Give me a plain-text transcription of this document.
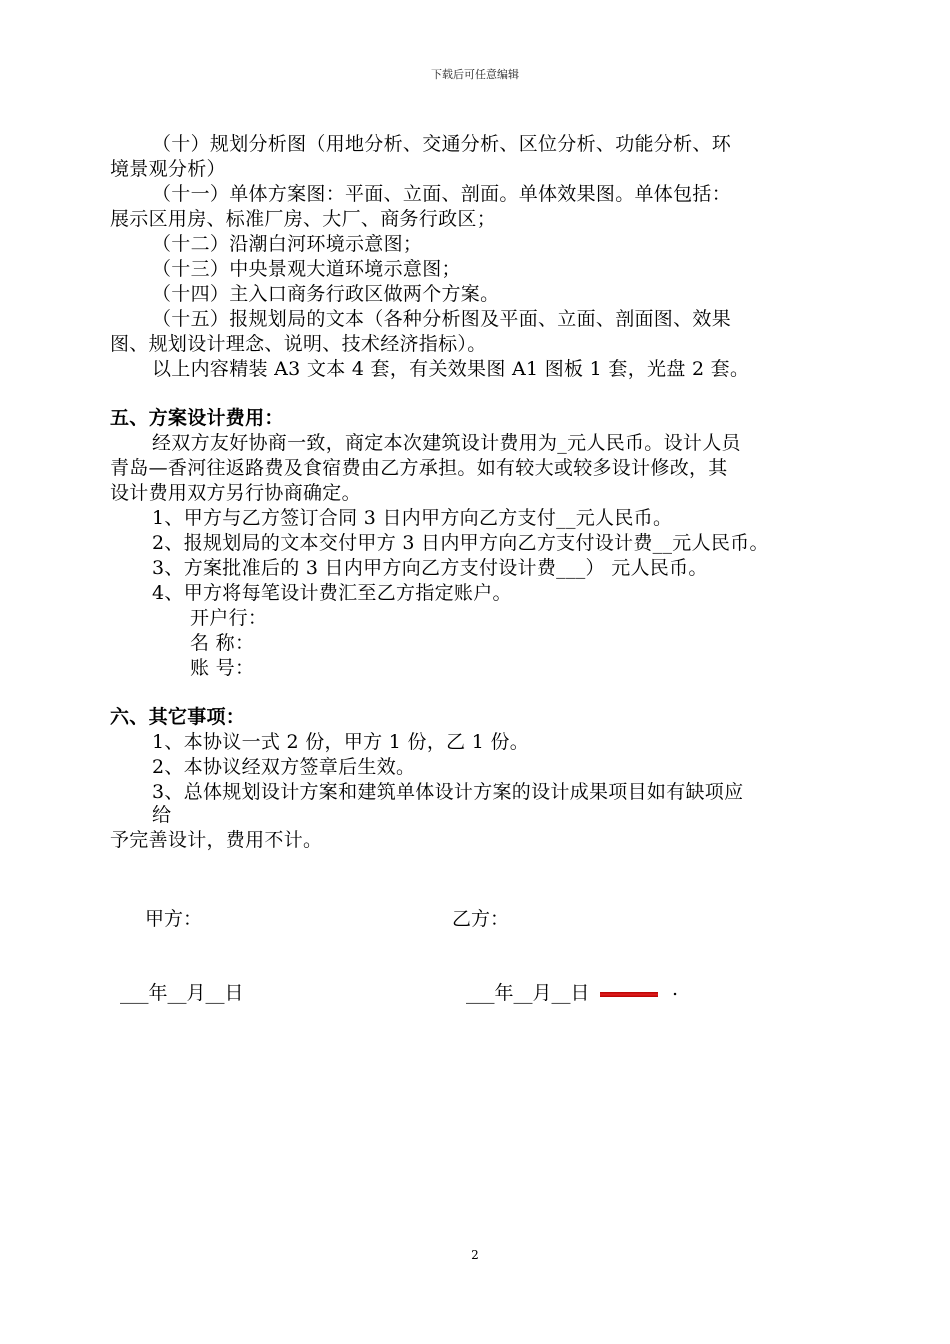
下载后可任意编辑
（十）规划分析图（用地分析、交通分析、区位分析、功能分析、环
境景观分析）
（十一）单体方案图：平面、立面、剖面。单体效果图。单体包括：
展示区用房、标准厂房、大厂、商务行政区；
（十二）沿潮白河环境示意图；
（十三）中央景观大道环境示意图；
（十四）主入口商务行政区做两个方案。
（十五）报规划局的文本（各种分析图及平面、立面、剖面图、效果
图、规划设计理念、说明、技术经济指标）。
以上内容精装 A3 文本 4 套，有关效果图 A1 图板 1 套，光盘 2 套。
五、方案设计费用：
经双方友好协商一致，商定本次建筑设计费用为_元人民币。设计人员
青岛—香河往返路费及食宿费由乙方承担。如有较大或较多设计修改，其
设计费用双方另行协商确定。
1、甲方与乙方签订合同 3 日内甲方向乙方支付__元人民币。
2、报规划局的文本交付甲方 3 日内甲方向乙方支付设计费__元人民币。
3、方案批准后的 3 日内甲方向乙方支付设计费___） 元人民币。
4、甲方将每笔设计费汇至乙方指定账户。
开户行：
名 称：
账 号：
六、其它事项：
1、本协议一式 2 份，甲方 1 份，乙 1 份。
2、本协议经双方签章后生效。
3、总体规划设计方案和建筑单体设计方案的设计成果项目如有缺项应
给
予完善设计，费用不计。
甲方：	乙方：
___年__月__日	___年__月__日	.
2
